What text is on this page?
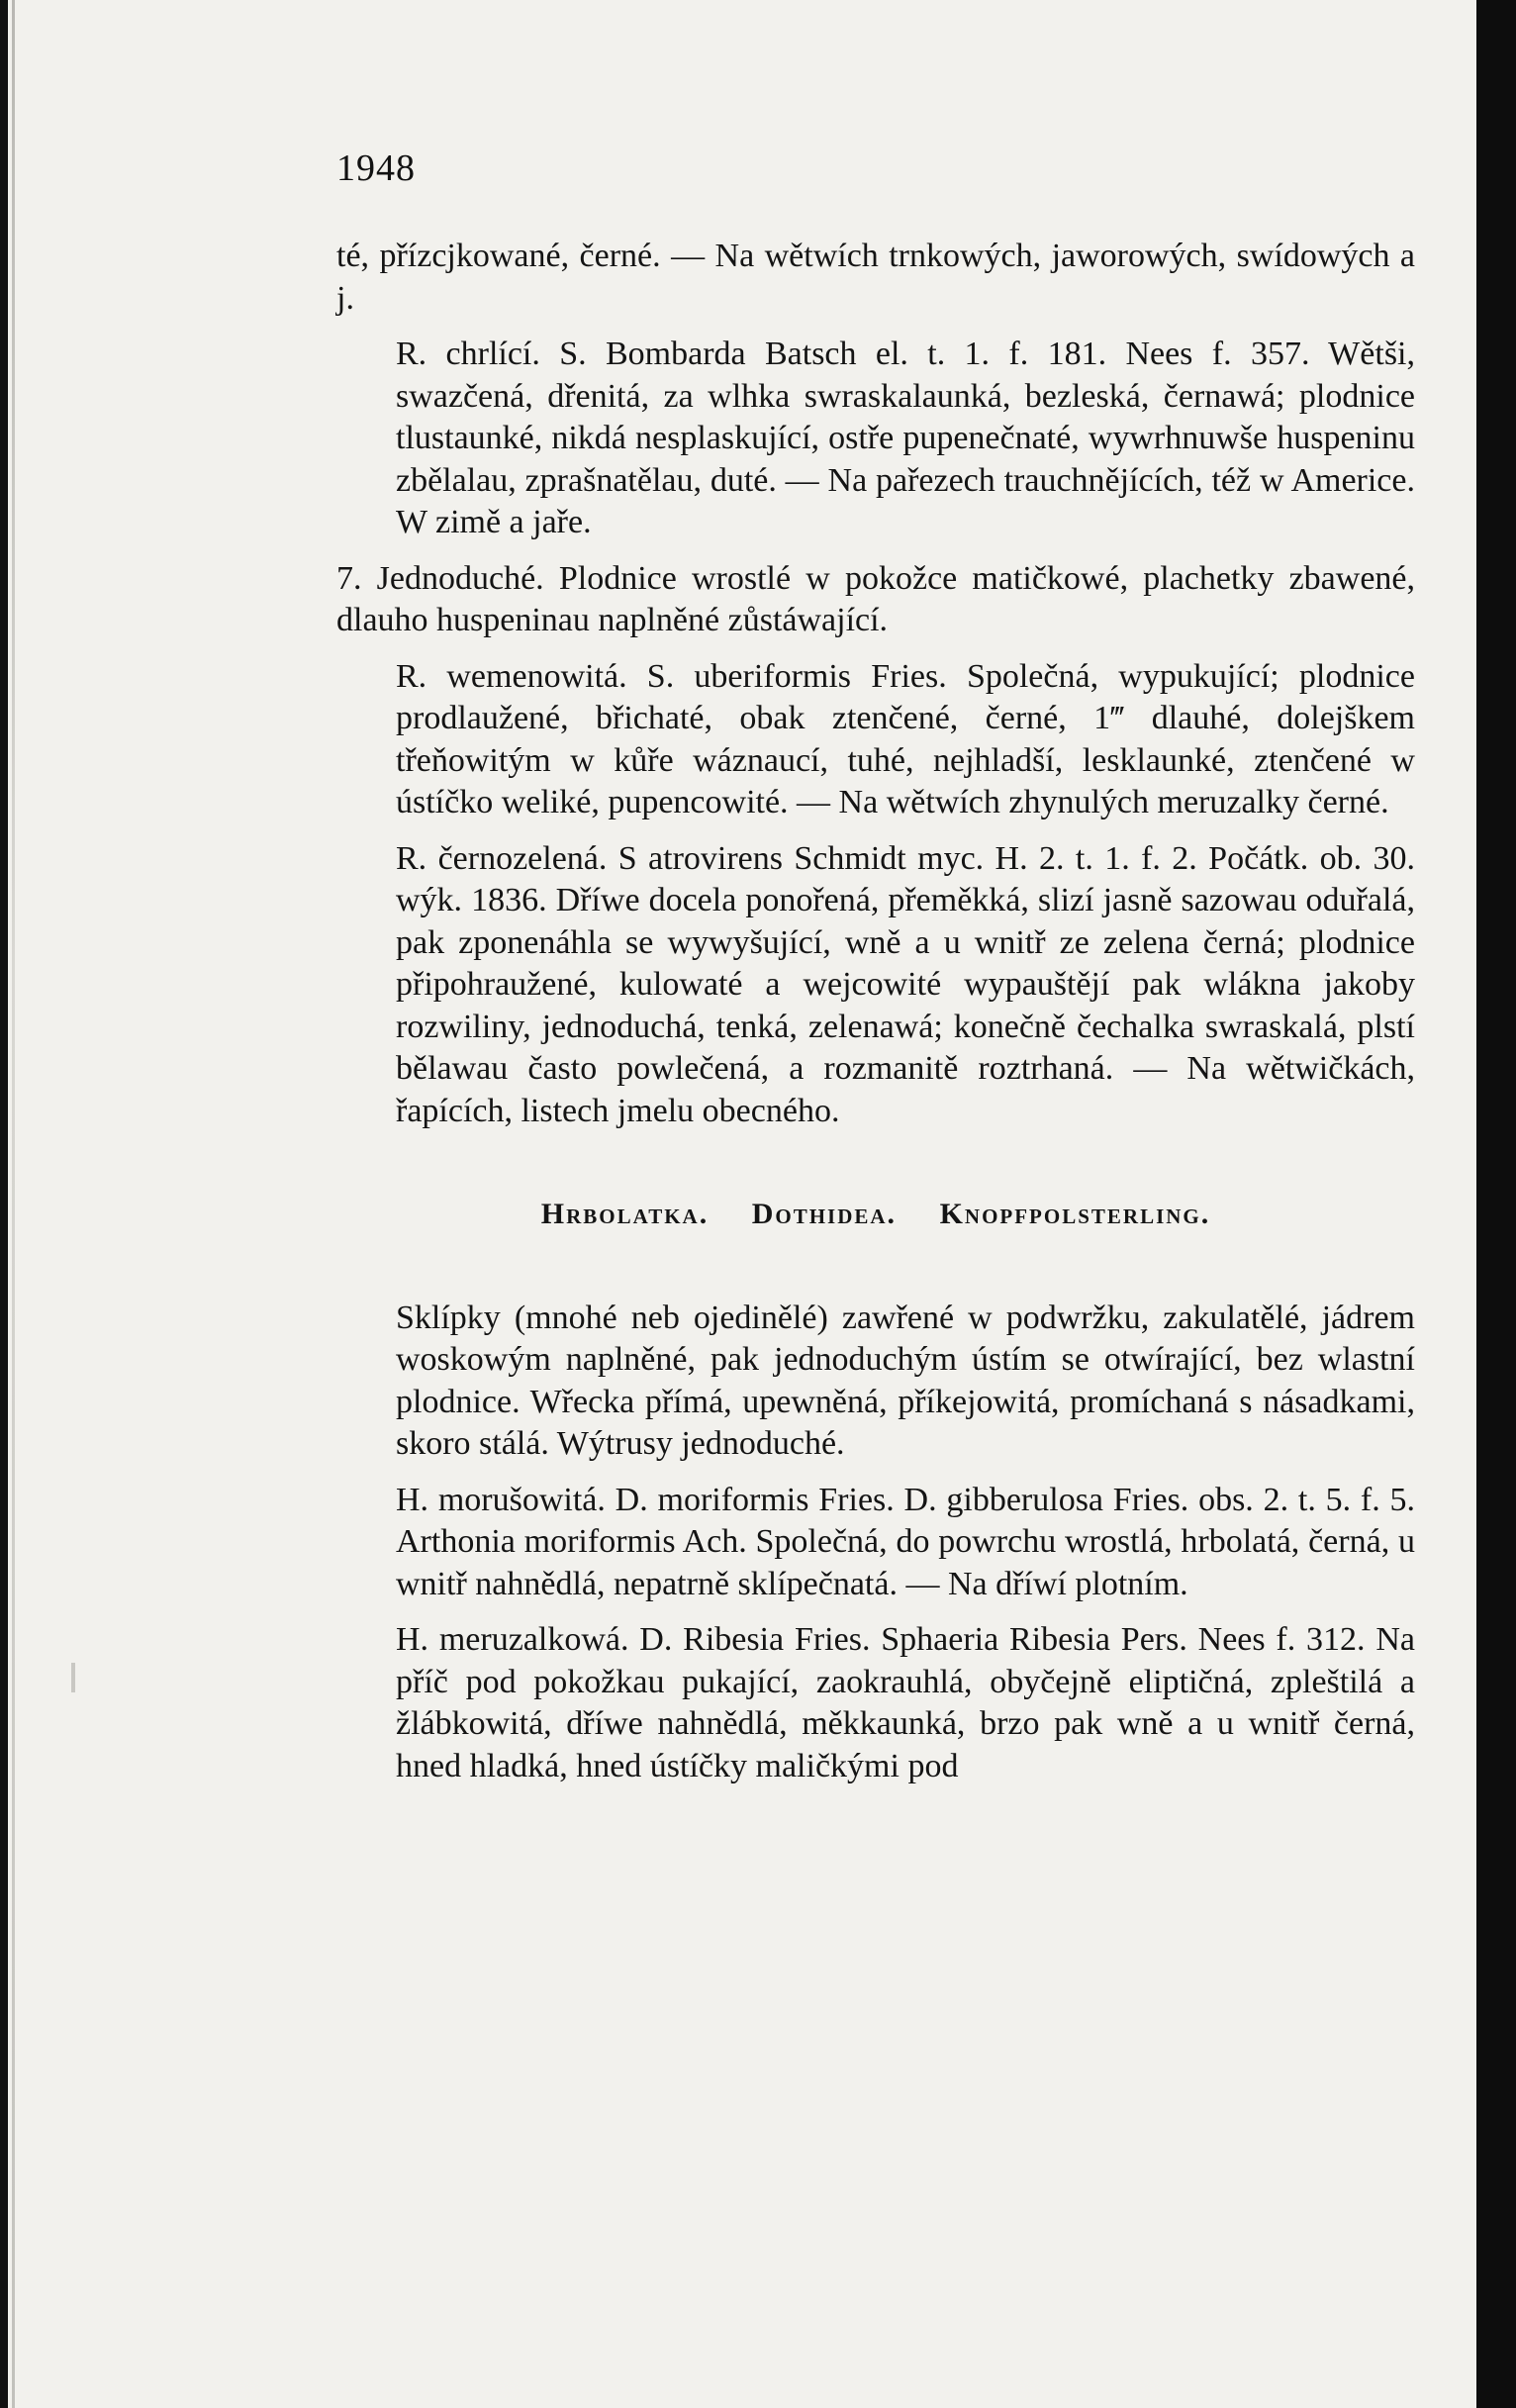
1948

té, přízcjkowané, černé. — Na wětwích trnkowých, jaworowých, swídowých a j.

R. chrlící. S. Bombarda Batsch el. t. 1. f. 181. Nees f. 357. Wětši, swazčená, dřenitá, za wlhka swraskalaunká, bezleská, černawá; plodnice tlustaunké, nikdá nesplaskující, ostře pupenečnaté, wywrhnuwše huspeninu zbělalau, zprašnatělau, duté. — Na pařezech trauchnějících, též w Americe. W zimě a jaře.

7. Jednoduché. Plodnice wrostlé w pokožce matičkowé, plachetky zbawené, dlauho huspeninau naplněné zůstáwající.

R. wemenowitá. S. uberiformis Fries. Společná, wypukující; plodnice prodlaužené, břichaté, obak ztenčené, černé, 1‴ dlauhé, dolejškem třeňowitým w kůře wáznaucí, tuhé, nejhladší, lesklaunké, ztenčené w ústíčko weliké, pupencowité. — Na wětwích zhynulých meruzalky černé.

R. černozelená. S atrovirens Schmidt myc. H. 2. t. 1. f. 2. Počátk. ob. 30. wýk. 1836. Dříwe docela ponořená, přeměkká, slizí jasně sazowau oduřalá, pak zponenáhla se wywyšující, wně a u wnitř ze zelena černá; plodnice připohraužené, kulowaté a wejcowité wypauštějí pak wlákna jakoby rozwiliny, jednoduchá, tenká, zelenawá; konečně čechalka swraskalá, plstí bělawau často powlečená, a rozmanitě roztrhaná. — Na wětwičkách, řapících, listech jmelu obecného.

Hrbolatka. Dothidea. Knopfpolsterling.

Sklípky (mnohé neb ojedinělé) zawřené w podwržku, zakulatělé, jádrem woskowým naplněné, pak jednoduchým ústím se otwírající, bez wlastní plodnice. Wřecka přímá, upewněná, příkejowitá, promíchaná s násadkami, skoro stálá. Wýtrusy jednoduché.

H. morušowitá. D. moriformis Fries. D. gibberulosa Fries. obs. 2. t. 5. f. 5. Arthonia moriformis Ach. Společná, do powrchu wrostlá, hrbolatá, černá, u wnitř nahnědlá, nepatrně sklípečnatá. — Na dříwí plotním.

H. meruzalkowá. D. Ribesia Fries. Sphaeria Ribesia Pers. Nees f. 312. Na příč pod pokožkau pukající, zaokrauhlá, obyčejně eliptičná, zpleštilá a žlábkowitá, dříwe nahnědlá, měkkaunká, brzo pak wně a u wnitř černá, hned hladká, hned ústíčky maličkými pod
